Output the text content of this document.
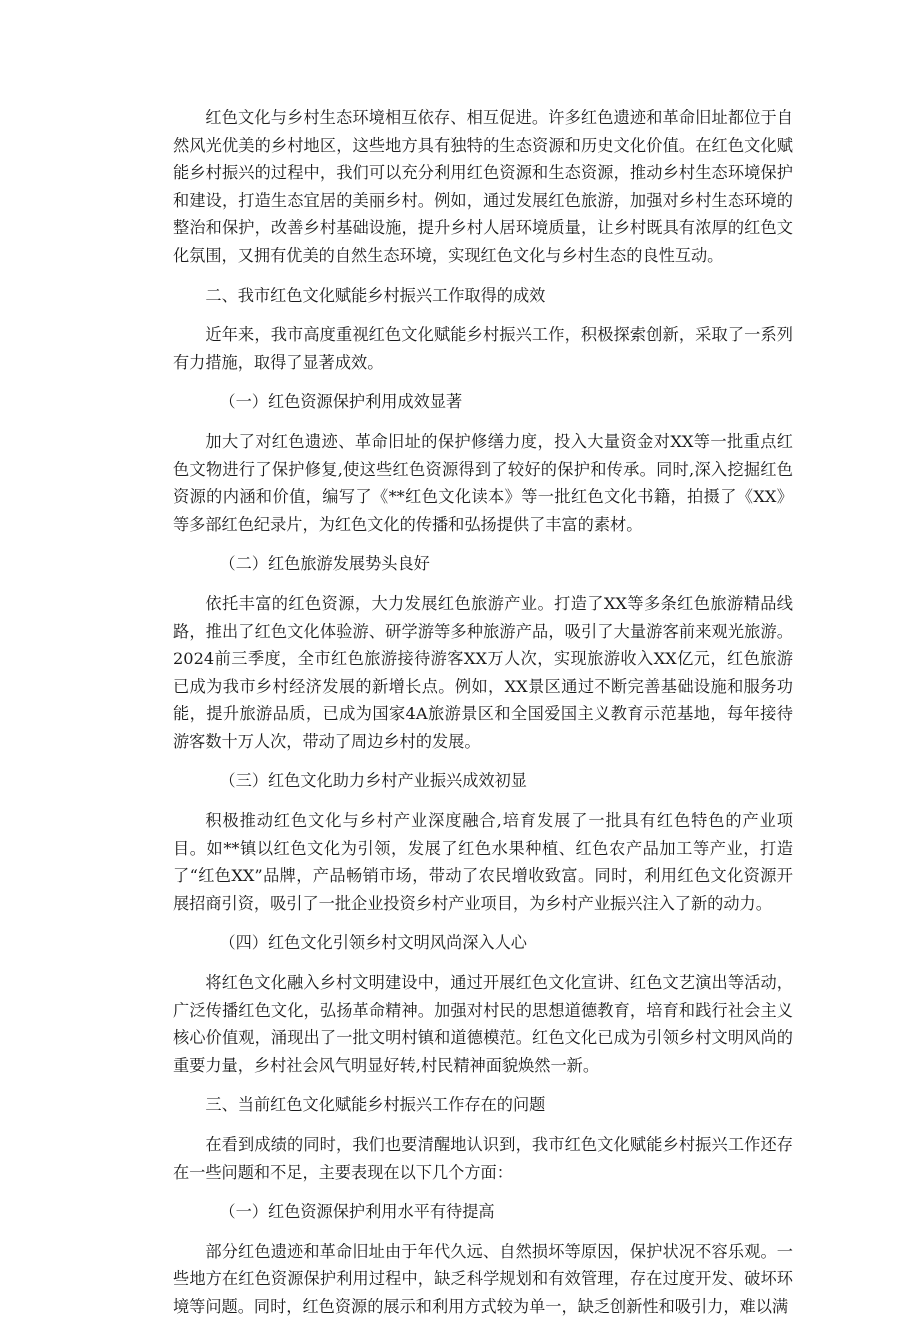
红色文化与乡村生态环境相互依存、相互促进。许多红色遗迹和革命旧址都位于自然风光优美的乡村地区，这些地方具有独特的生态资源和历史文化价值。在红色文化赋能乡村振兴的过程中，我们可以充分利用红色资源和生态资源，推动乡村生态环境保护和建设，打造生态宜居的美丽乡村。例如，通过发展红色旅游，加强对乡村生态环境的整治和保护，改善乡村基础设施，提升乡村人居环境质量，让乡村既具有浓厚的红色文化氛围，又拥有优美的自然生态环境，实现红色文化与乡村生态的良性互动。

二、我市红色文化赋能乡村振兴工作取得的成效

近年来，我市高度重视红色文化赋能乡村振兴工作，积极探索创新，采取了一系列有力措施，取得了显著成效。

（一）红色资源保护利用成效显著

加大了对红色遗迹、革命旧址的保护修缮力度，投入大量资金对XX等一批重点红色文物进行了保护修复,使这些红色资源得到了较好的保护和传承。同时,深入挖掘红色资源的内涵和价值，编写了《**红色文化读本》等一批红色文化书籍，拍摄了《XX》等多部红色纪录片，为红色文化的传播和弘扬提供了丰富的素材。

（二）红色旅游发展势头良好

依托丰富的红色资源，大力发展红色旅游产业。打造了XX等多条红色旅游精品线路，推出了红色文化体验游、研学游等多种旅游产品，吸引了大量游客前来观光旅游。2024前三季度，全市红色旅游接待游客XX万人次，实现旅游收入XX亿元，红色旅游已成为我市乡村经济发展的新增长点。例如，XX景区通过不断完善基础设施和服务功能，提升旅游品质，已成为国家4A旅游景区和全国爱国主义教育示范基地，每年接待游客数十万人次，带动了周边乡村的发展。

（三）红色文化助力乡村产业振兴成效初显

积极推动红色文化与乡村产业深度融合,培育发展了一批具有红色特色的产业项目。如**镇以红色文化为引领，发展了红色水果种植、红色农产品加工等产业，打造了“红色XX”品牌，产品畅销市场，带动了农民增收致富。同时，利用红色文化资源开展招商引资，吸引了一批企业投资乡村产业项目，为乡村产业振兴注入了新的动力。

（四）红色文化引领乡村文明风尚深入人心

将红色文化融入乡村文明建设中，通过开展红色文化宣讲、红色文艺演出等活动，广泛传播红色文化，弘扬革命精神。加强对村民的思想道德教育，培育和践行社会主义核心价值观，涌现出了一批文明村镇和道德模范。红色文化已成为引领乡村文明风尚的重要力量，乡村社会风气明显好转,村民精神面貌焕然一新。

三、当前红色文化赋能乡村振兴工作存在的问题

在看到成绩的同时，我们也要清醒地认识到，我市红色文化赋能乡村振兴工作还存在一些问题和不足，主要表现在以下几个方面：

（一）红色资源保护利用水平有待提高

部分红色遗迹和革命旧址由于年代久远、自然损坏等原因，保护状况不容乐观。一些地方在红色资源保护利用过程中，缺乏科学规划和有效管理，存在过度开发、破坏环境等问题。同时，红色资源的展示和利用方式较为单一，缺乏创新性和吸引力，难以满
